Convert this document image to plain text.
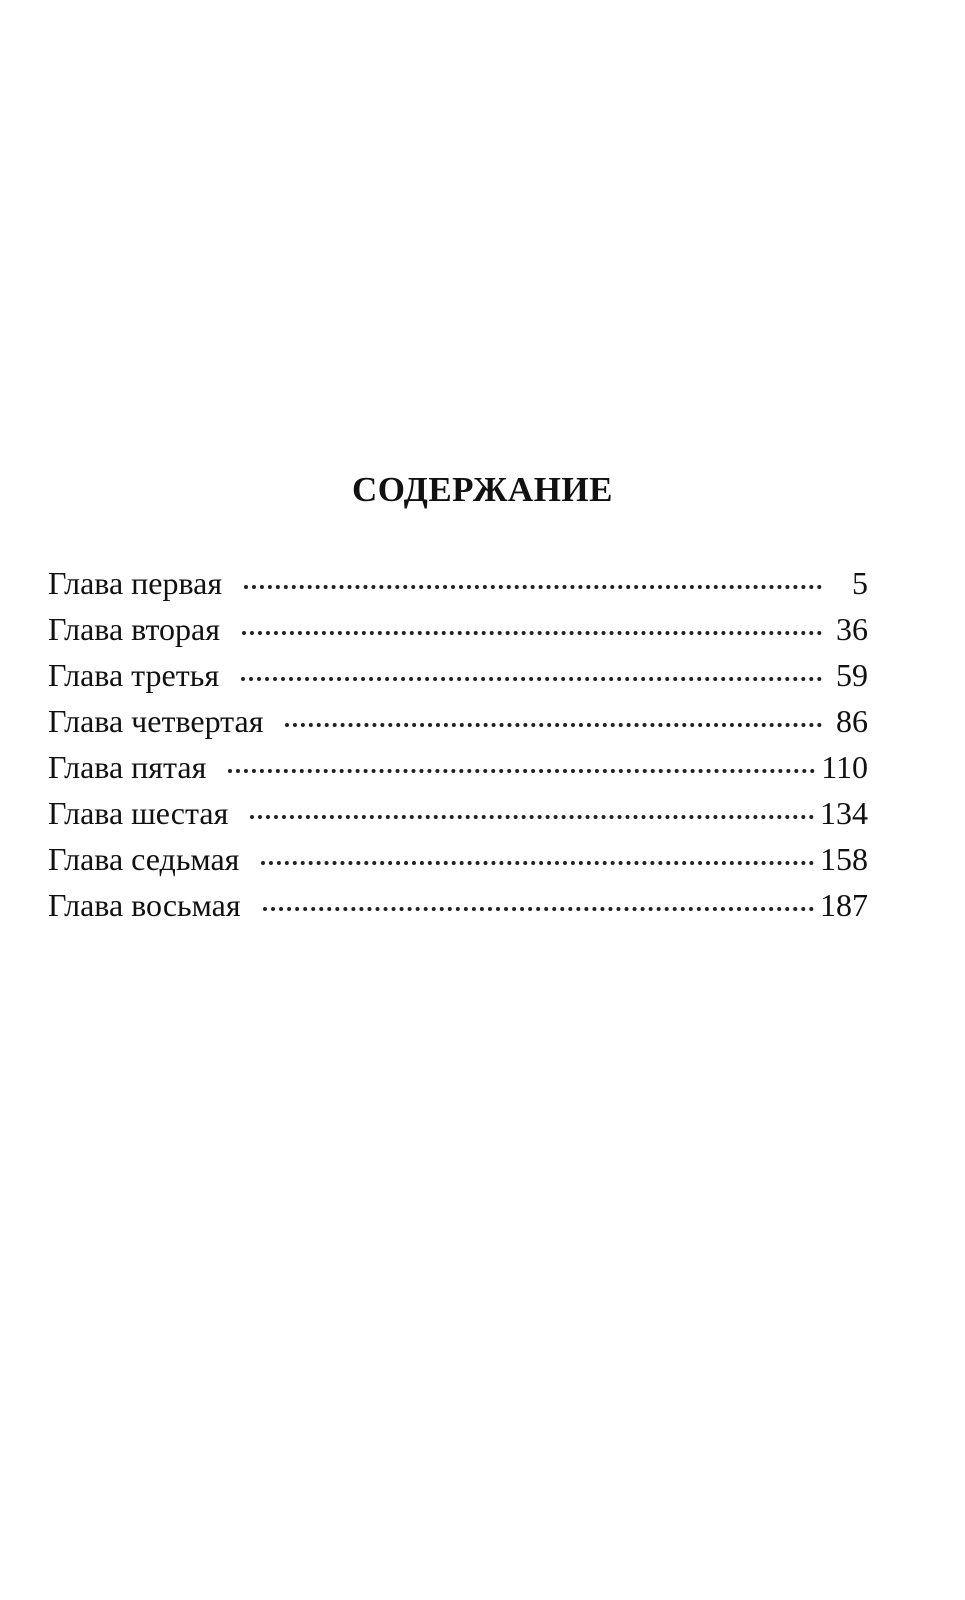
СОДЕРЖАНИЕ
Глава первая	5
Глава вторая	36
Глава третья	59
Глава четвертая	86
Глава пятая	110
Глава шестая	134
Глава седьмая	158
Глава восьмая	187
